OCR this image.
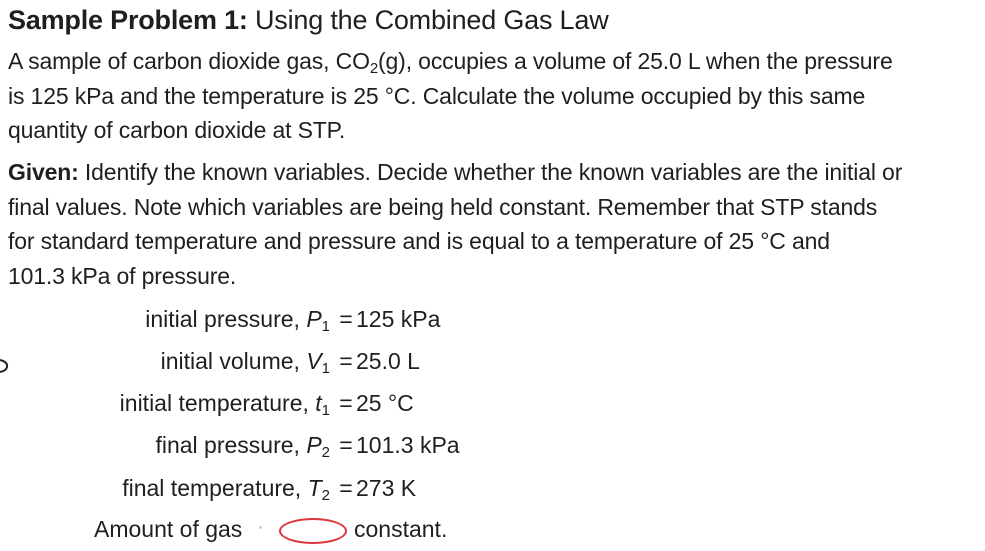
Sample Problem 1: Using the Combined Gas Law
A sample of carbon dioxide gas, $CO_2(g)$, occupies a volume of 25.0 L when the pressure
is 125 kPa and the temperature is 25 °C. Calculate the volume occupied by this same
quantity of carbon dioxide at STP.
Given: Identify the known variables. Decide whether the known variables are the initial or
final values. Note which variables are being held constant. Remember that STP stands
for standard temperature and pressure and is equal to a temperature of 25 °C and
101.3 kPa of pressure.
initial pressure, $P_1 = 125$ kPa
initial volume, $V_1 = 25.0$ L
initial temperature, $t_1 = 25$ °C
final pressure, $P_2 = 101.3$ kPa
final temperature, $T_2 = 273$ K
Amount of gas	constant.
